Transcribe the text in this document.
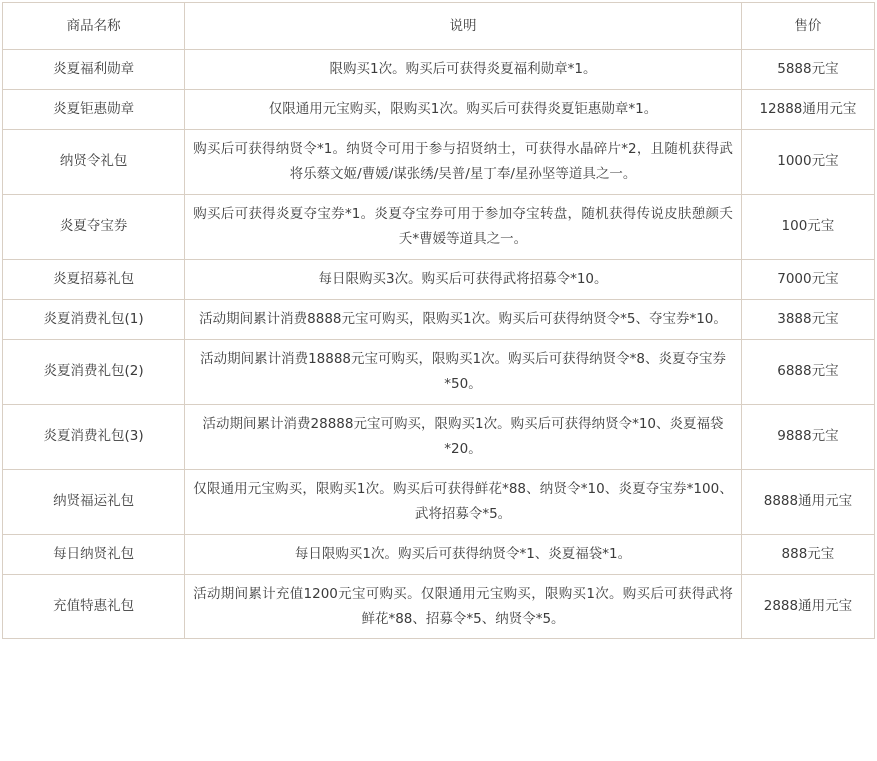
商品名称	说明	售价
炎夏福利勋章	限购买1次。购买后可获得炎夏福利勋章*1。	5888元宝
炎夏钜惠勋章	仅限通用元宝购买，限购买1次。购买后可获得炎夏钜惠勋章*1。	12888通用元宝
纳贤令礼包	购买后可获得纳贤令*1。纳贤令可用于参与招贤纳士，可获得水晶碎片*2，且随机获得武将乐蔡文姬/曹媛/谋张绣/吴普/星丁奉/星孙坚等道具之一。	1000元宝
炎夏夺宝券	购买后可获得炎夏夺宝券*1。炎夏夺宝券可用于参加夺宝转盘，随机获得传说皮肤憩颜夭夭*曹媛等道具之一。	100元宝
炎夏招募礼包	每日限购买3次。购买后可获得武将招募令*10。	7000元宝
炎夏消费礼包(1)	活动期间累计消费8888元宝可购买，限购买1次。购买后可获得纳贤令*5、夺宝券*10。	3888元宝
炎夏消费礼包(2)	活动期间累计消费18888元宝可购买，限购买1次。购买后可获得纳贤令*8、炎夏夺宝券*50。	6888元宝
炎夏消费礼包(3)	活动期间累计消费28888元宝可购买，限购买1次。购买后可获得纳贤令*10、炎夏福袋*20。	9888元宝
纳贤福运礼包	仅限通用元宝购买，限购买1次。购买后可获得鲜花*88、纳贤令*10、炎夏夺宝券*100、武将招募令*5。	8888通用元宝
每日纳贤礼包	每日限购买1次。购买后可获得纳贤令*1、炎夏福袋*1。	888元宝
充值特惠礼包	活动期间累计充值1200元宝可购买。仅限通用元宝购买，限购买1次。购买后可获得武将鲜花*88、招募令*5、纳贤令*5。	2888通用元宝
